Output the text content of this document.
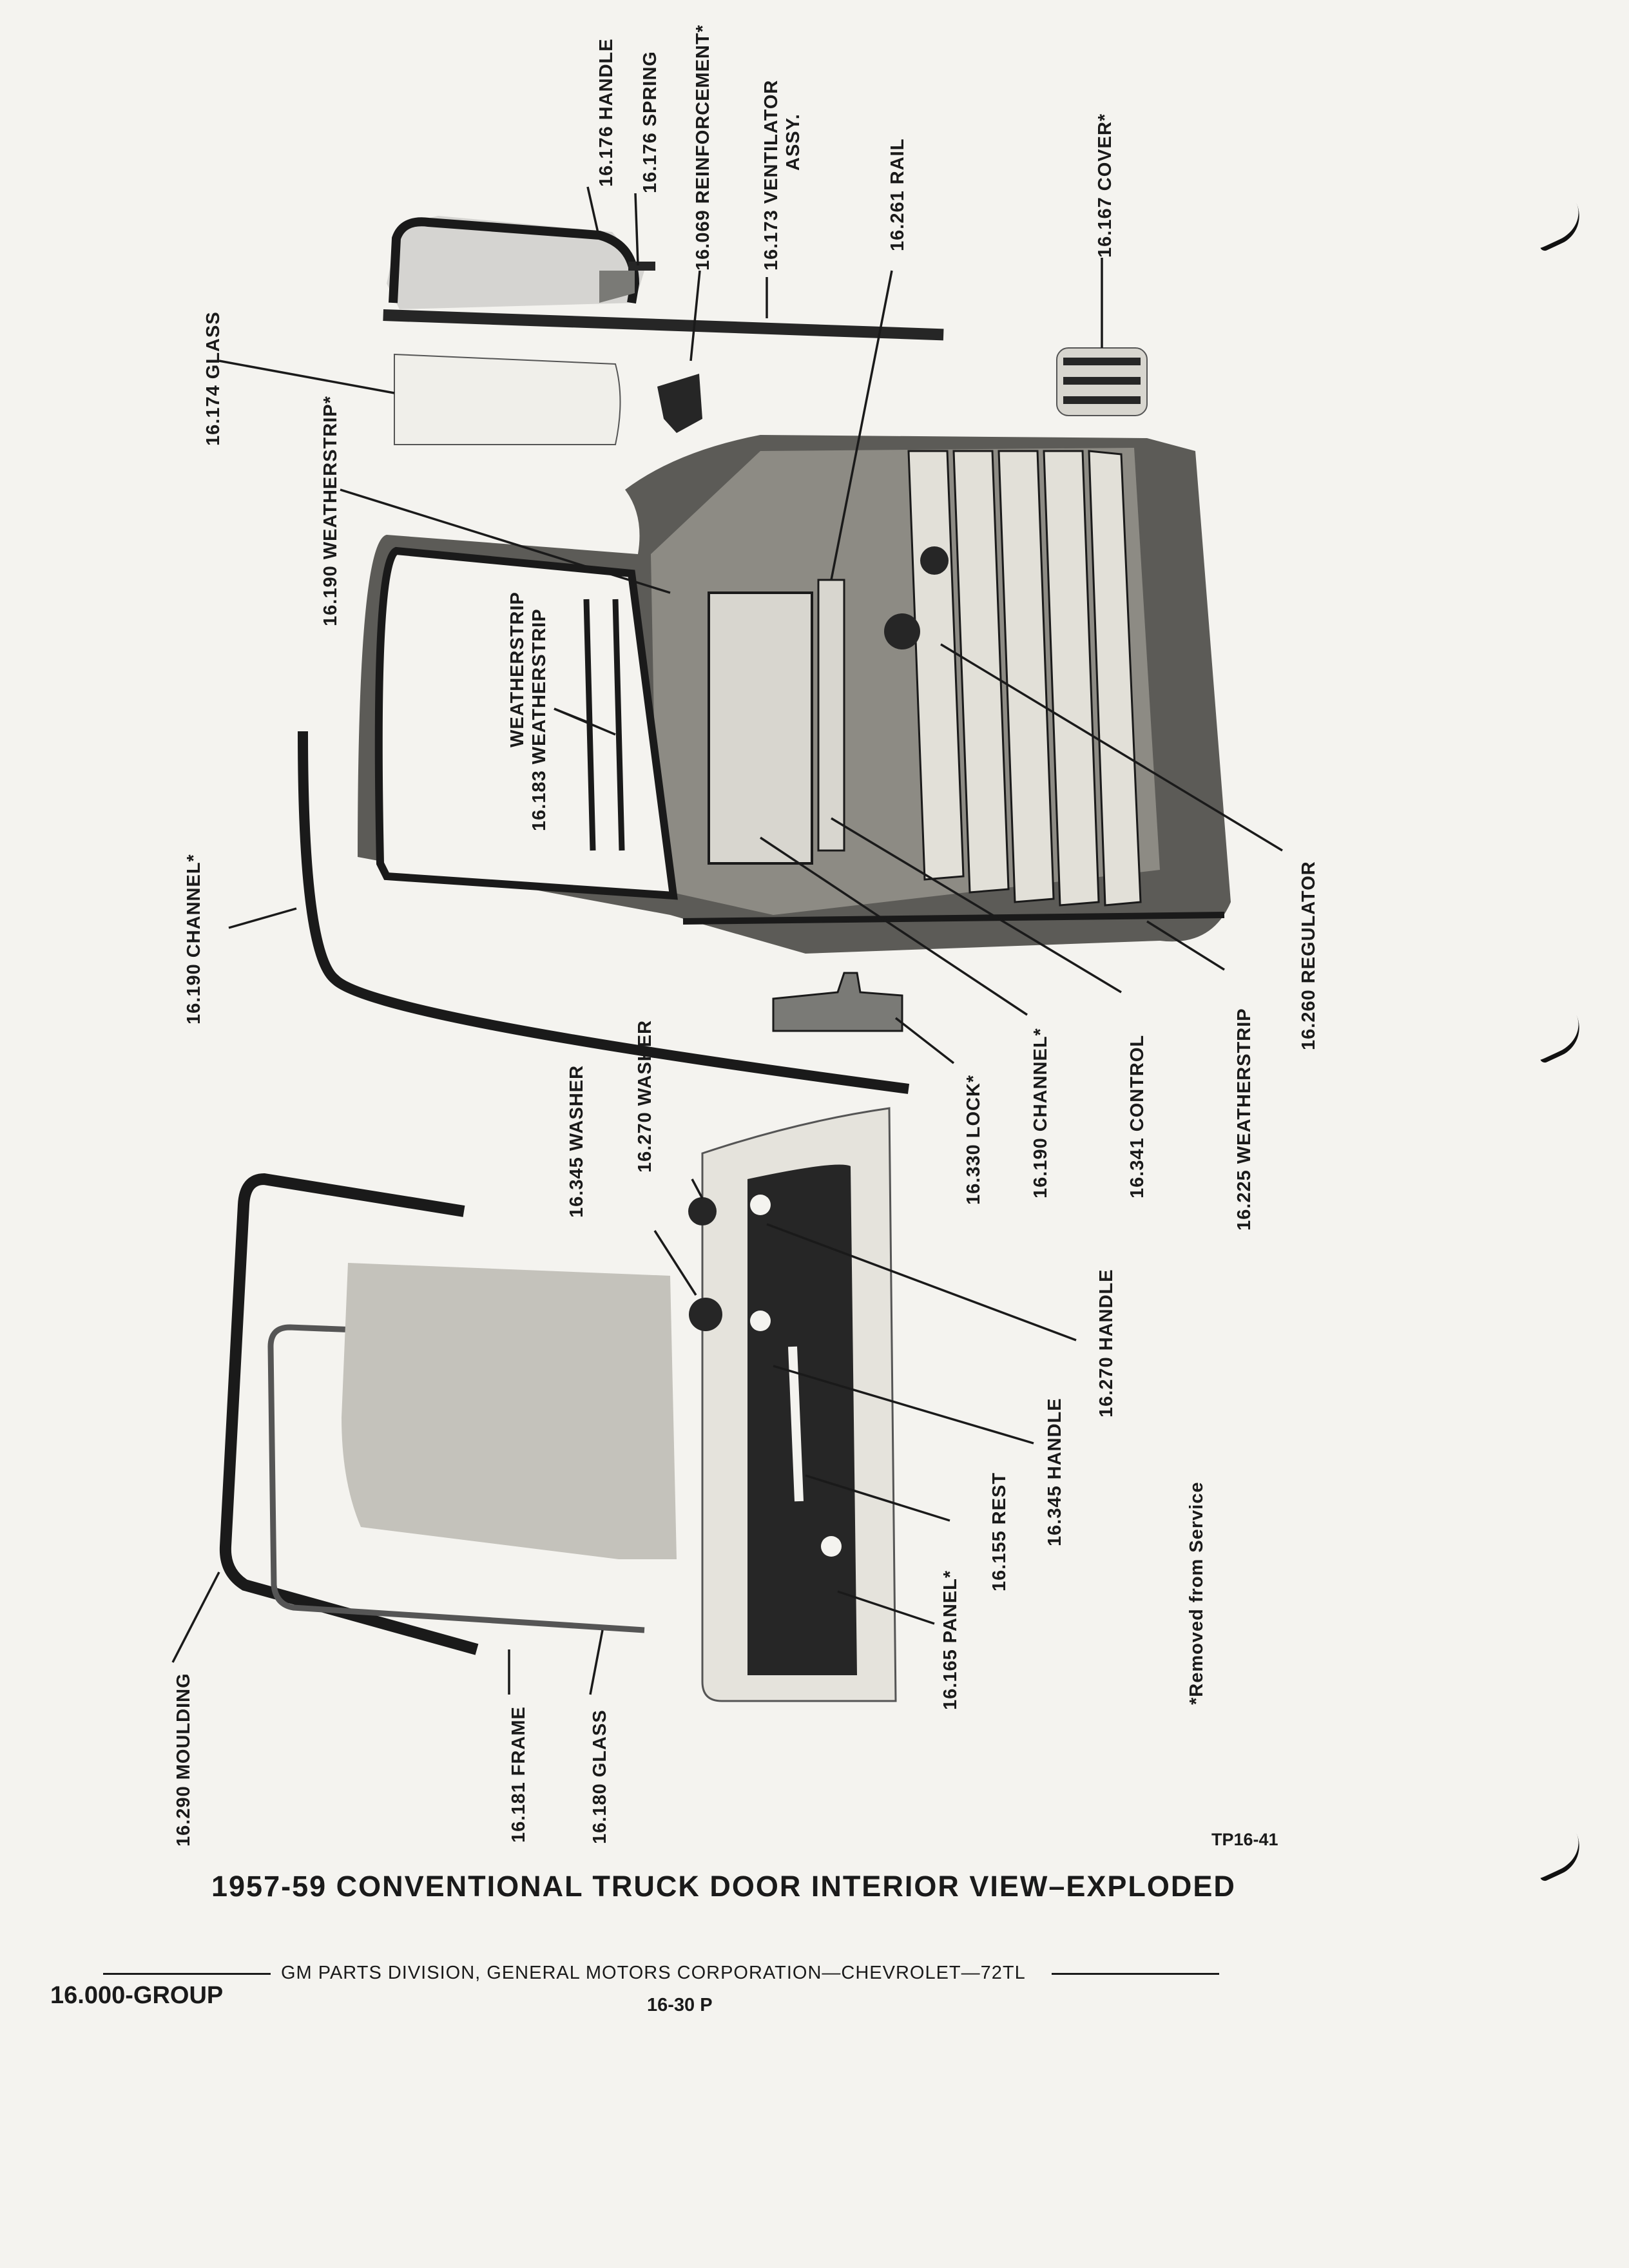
16.176 HANDLE 16.176 SPRING 16.069 REINFORCEMENT*	16.173 VENTILATOR ASSY.	16.261 RAIL	16.167 COVER*
16.174 GLASS
16.190 WEATHERSTRIP*
WEATHERSTRIP 16.183 WEATHERSTRIP
16.190 CHANNEL*
16.330 LOCK* 16.190 CHANNEL*	16.341 CONTROL	16.225 WEATHERSTRIP
16.260 REGULATOR
16.345 WASHER	16.270 WASHER
16.270 HANDLE
16.345 HANDLE
16.155 REST
16.165 PANEL*
16.290 MOULDING	16.181 FRAME	16.180 GLASS
*Removed from Service
TP16-41
1957-59 CONVENTIONAL TRUCK DOOR INTERIOR VIEW–EXPLODED
GM PARTS DIVISION, GENERAL MOTORS CORPORATION—CHEVROLET—72TL
16.000-GROUP	16-30 P
